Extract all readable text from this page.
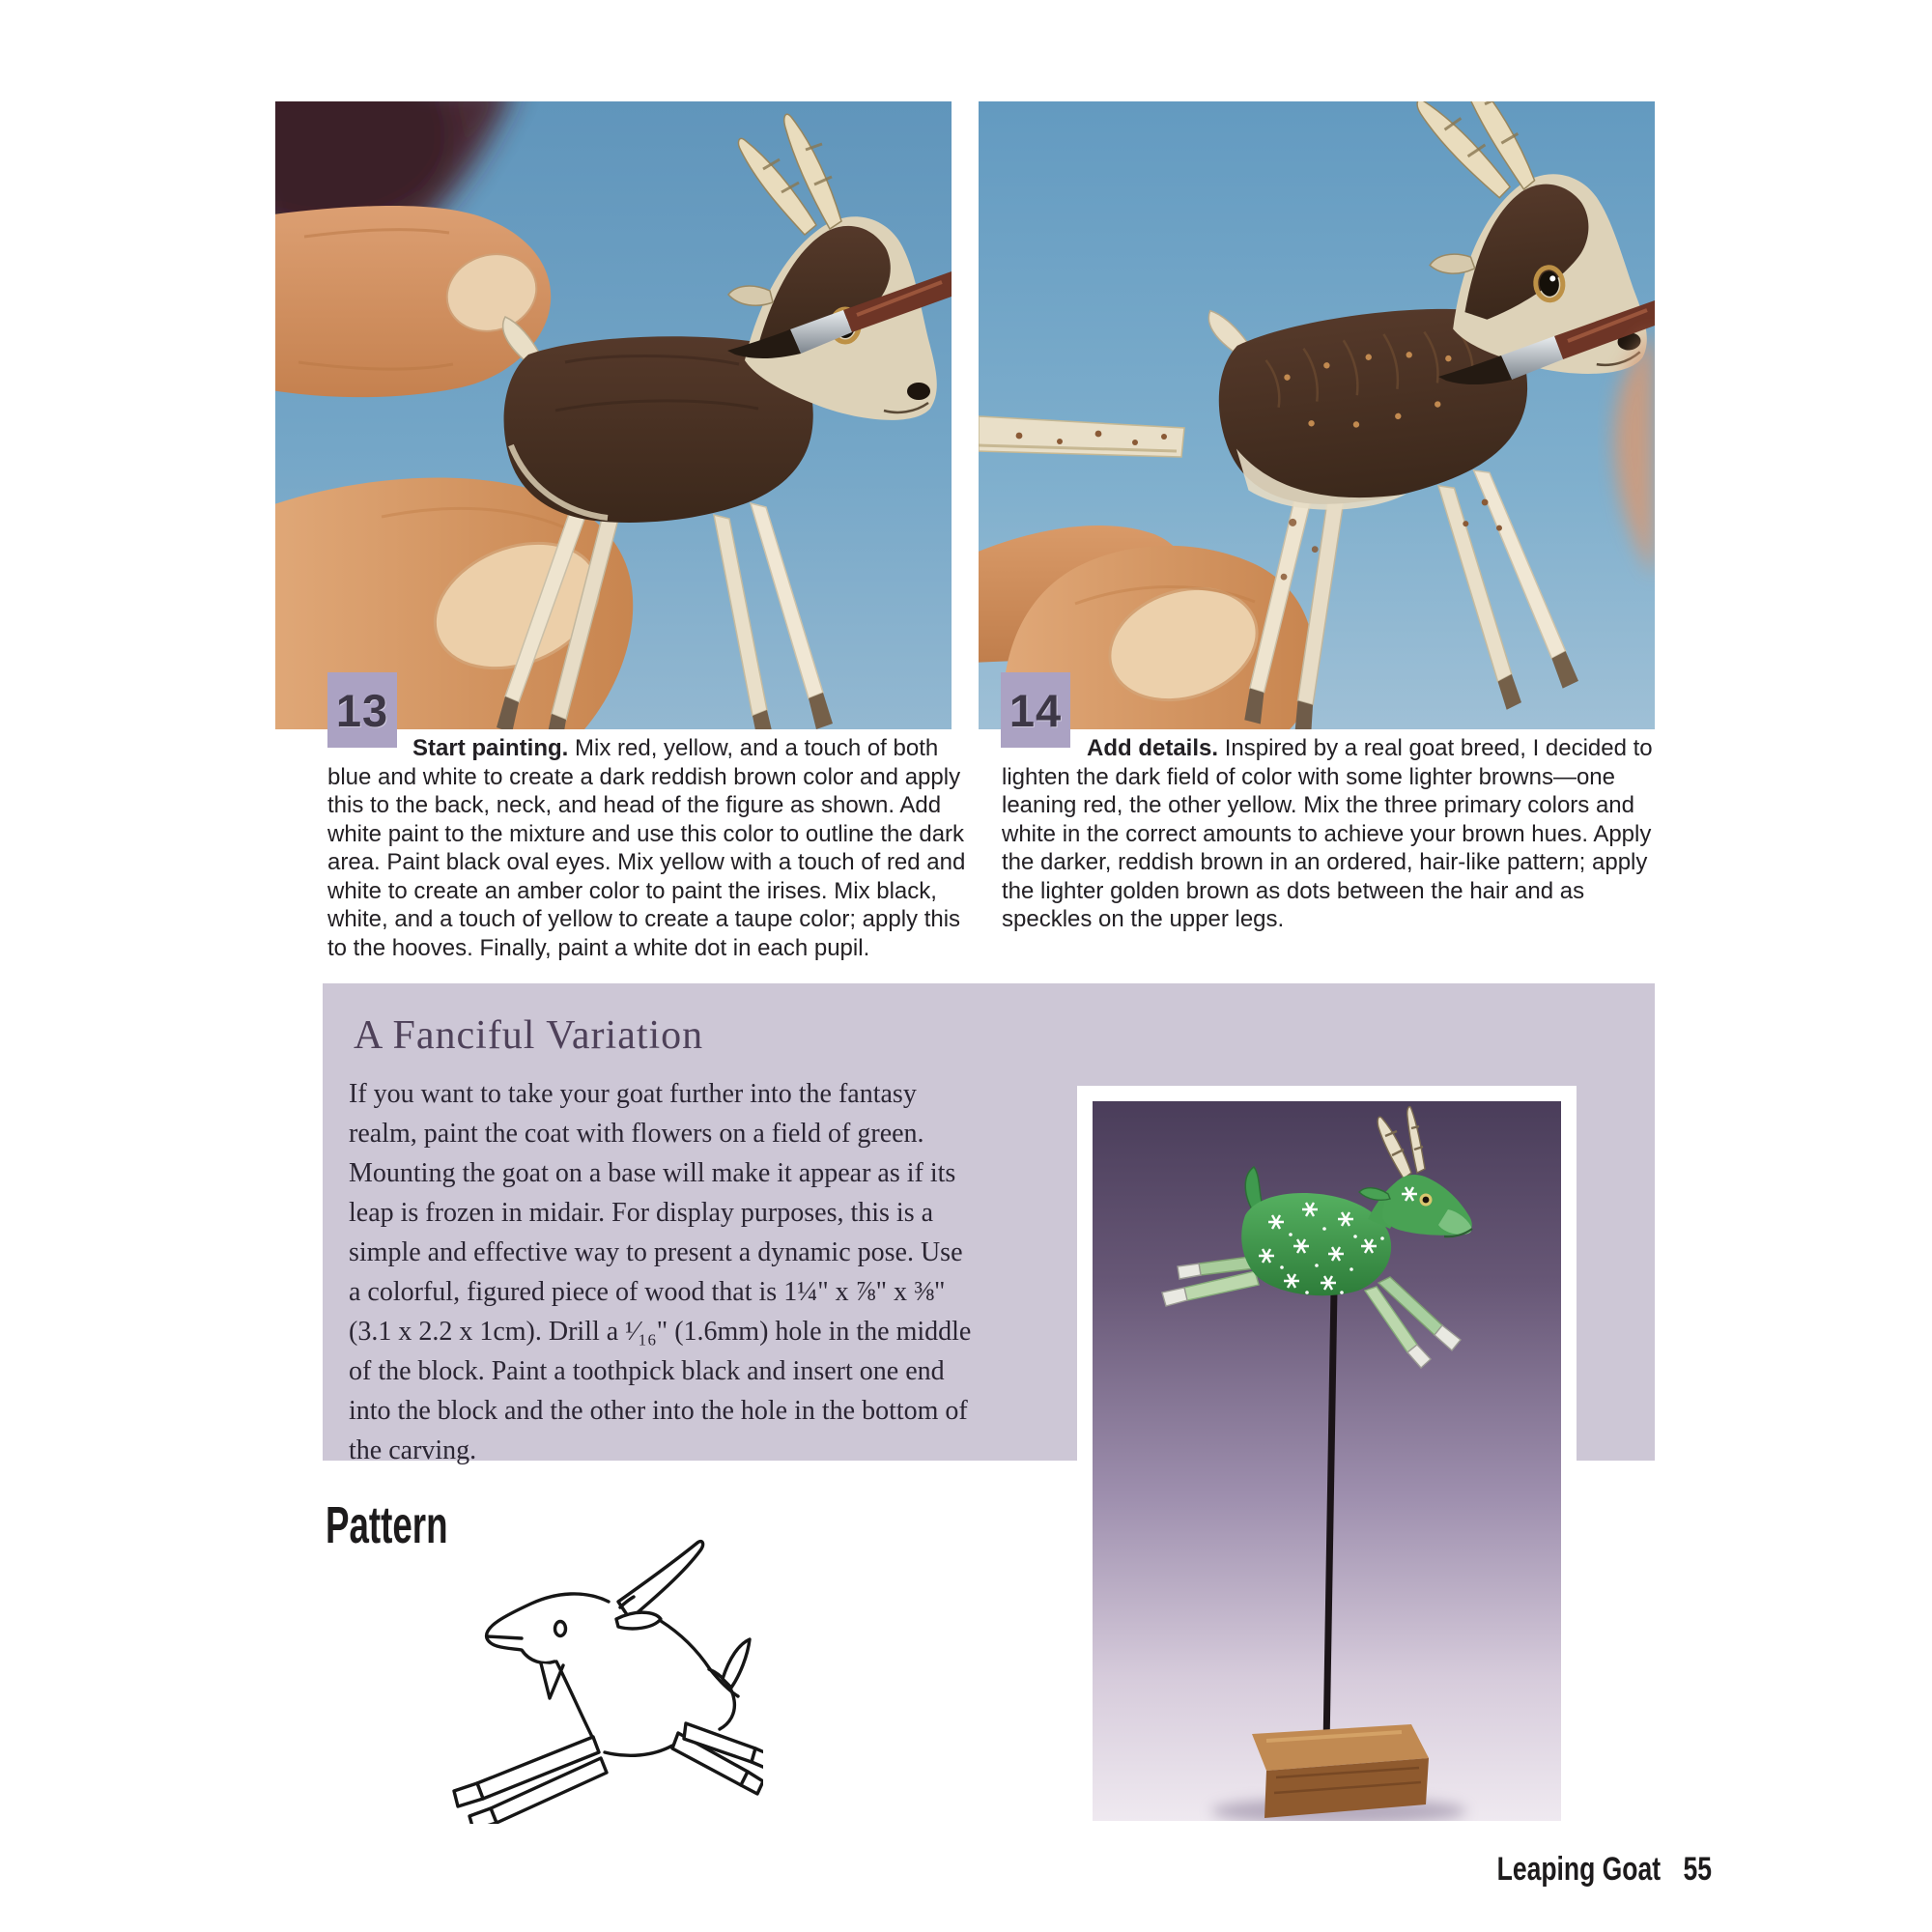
13
Start painting. Mix red, yellow, and a touch of both blue and white to create a dark reddish brown color and apply this to the back, neck, and head of the figure as shown. Add white paint to the mixture and use this color to outline the dark area. Paint black oval eyes. Mix yellow with a touch of red and white to create an amber color to paint the irises. Mix black, white, and a touch of yellow to create a taupe color; apply this to the hooves. Finally, paint a white dot in each pupil.
14
Add details. Inspired by a real goat breed, I decided to lighten the dark field of color with some lighter browns—one leaning red, the other yellow. Mix the three primary colors and white in the correct amounts to achieve your brown hues. Apply the darker, reddish brown in an ordered, hair-like pattern; apply the lighter golden brown as dots between the hair and as speckles on the upper legs.
A Fanciful Variation
If you want to take your goat further into the fantasy realm, paint the coat with flowers on a field of green. Mounting the goat on a base will make it appear as if its leap is frozen in midair. For display purposes, this is a simple and effective way to present a dynamic pose. Use a colorful, figured piece of wood that is 1¼" x ⅞" x ⅜" (3.1 x 2.2 x 1cm). Drill a ¹⁄₁₆" (1.6mm) hole in the middle of the block. Paint a toothpick black and insert one end into the block and the other into the hole in the bottom of the carving.
Pattern
Leaping Goat 55
